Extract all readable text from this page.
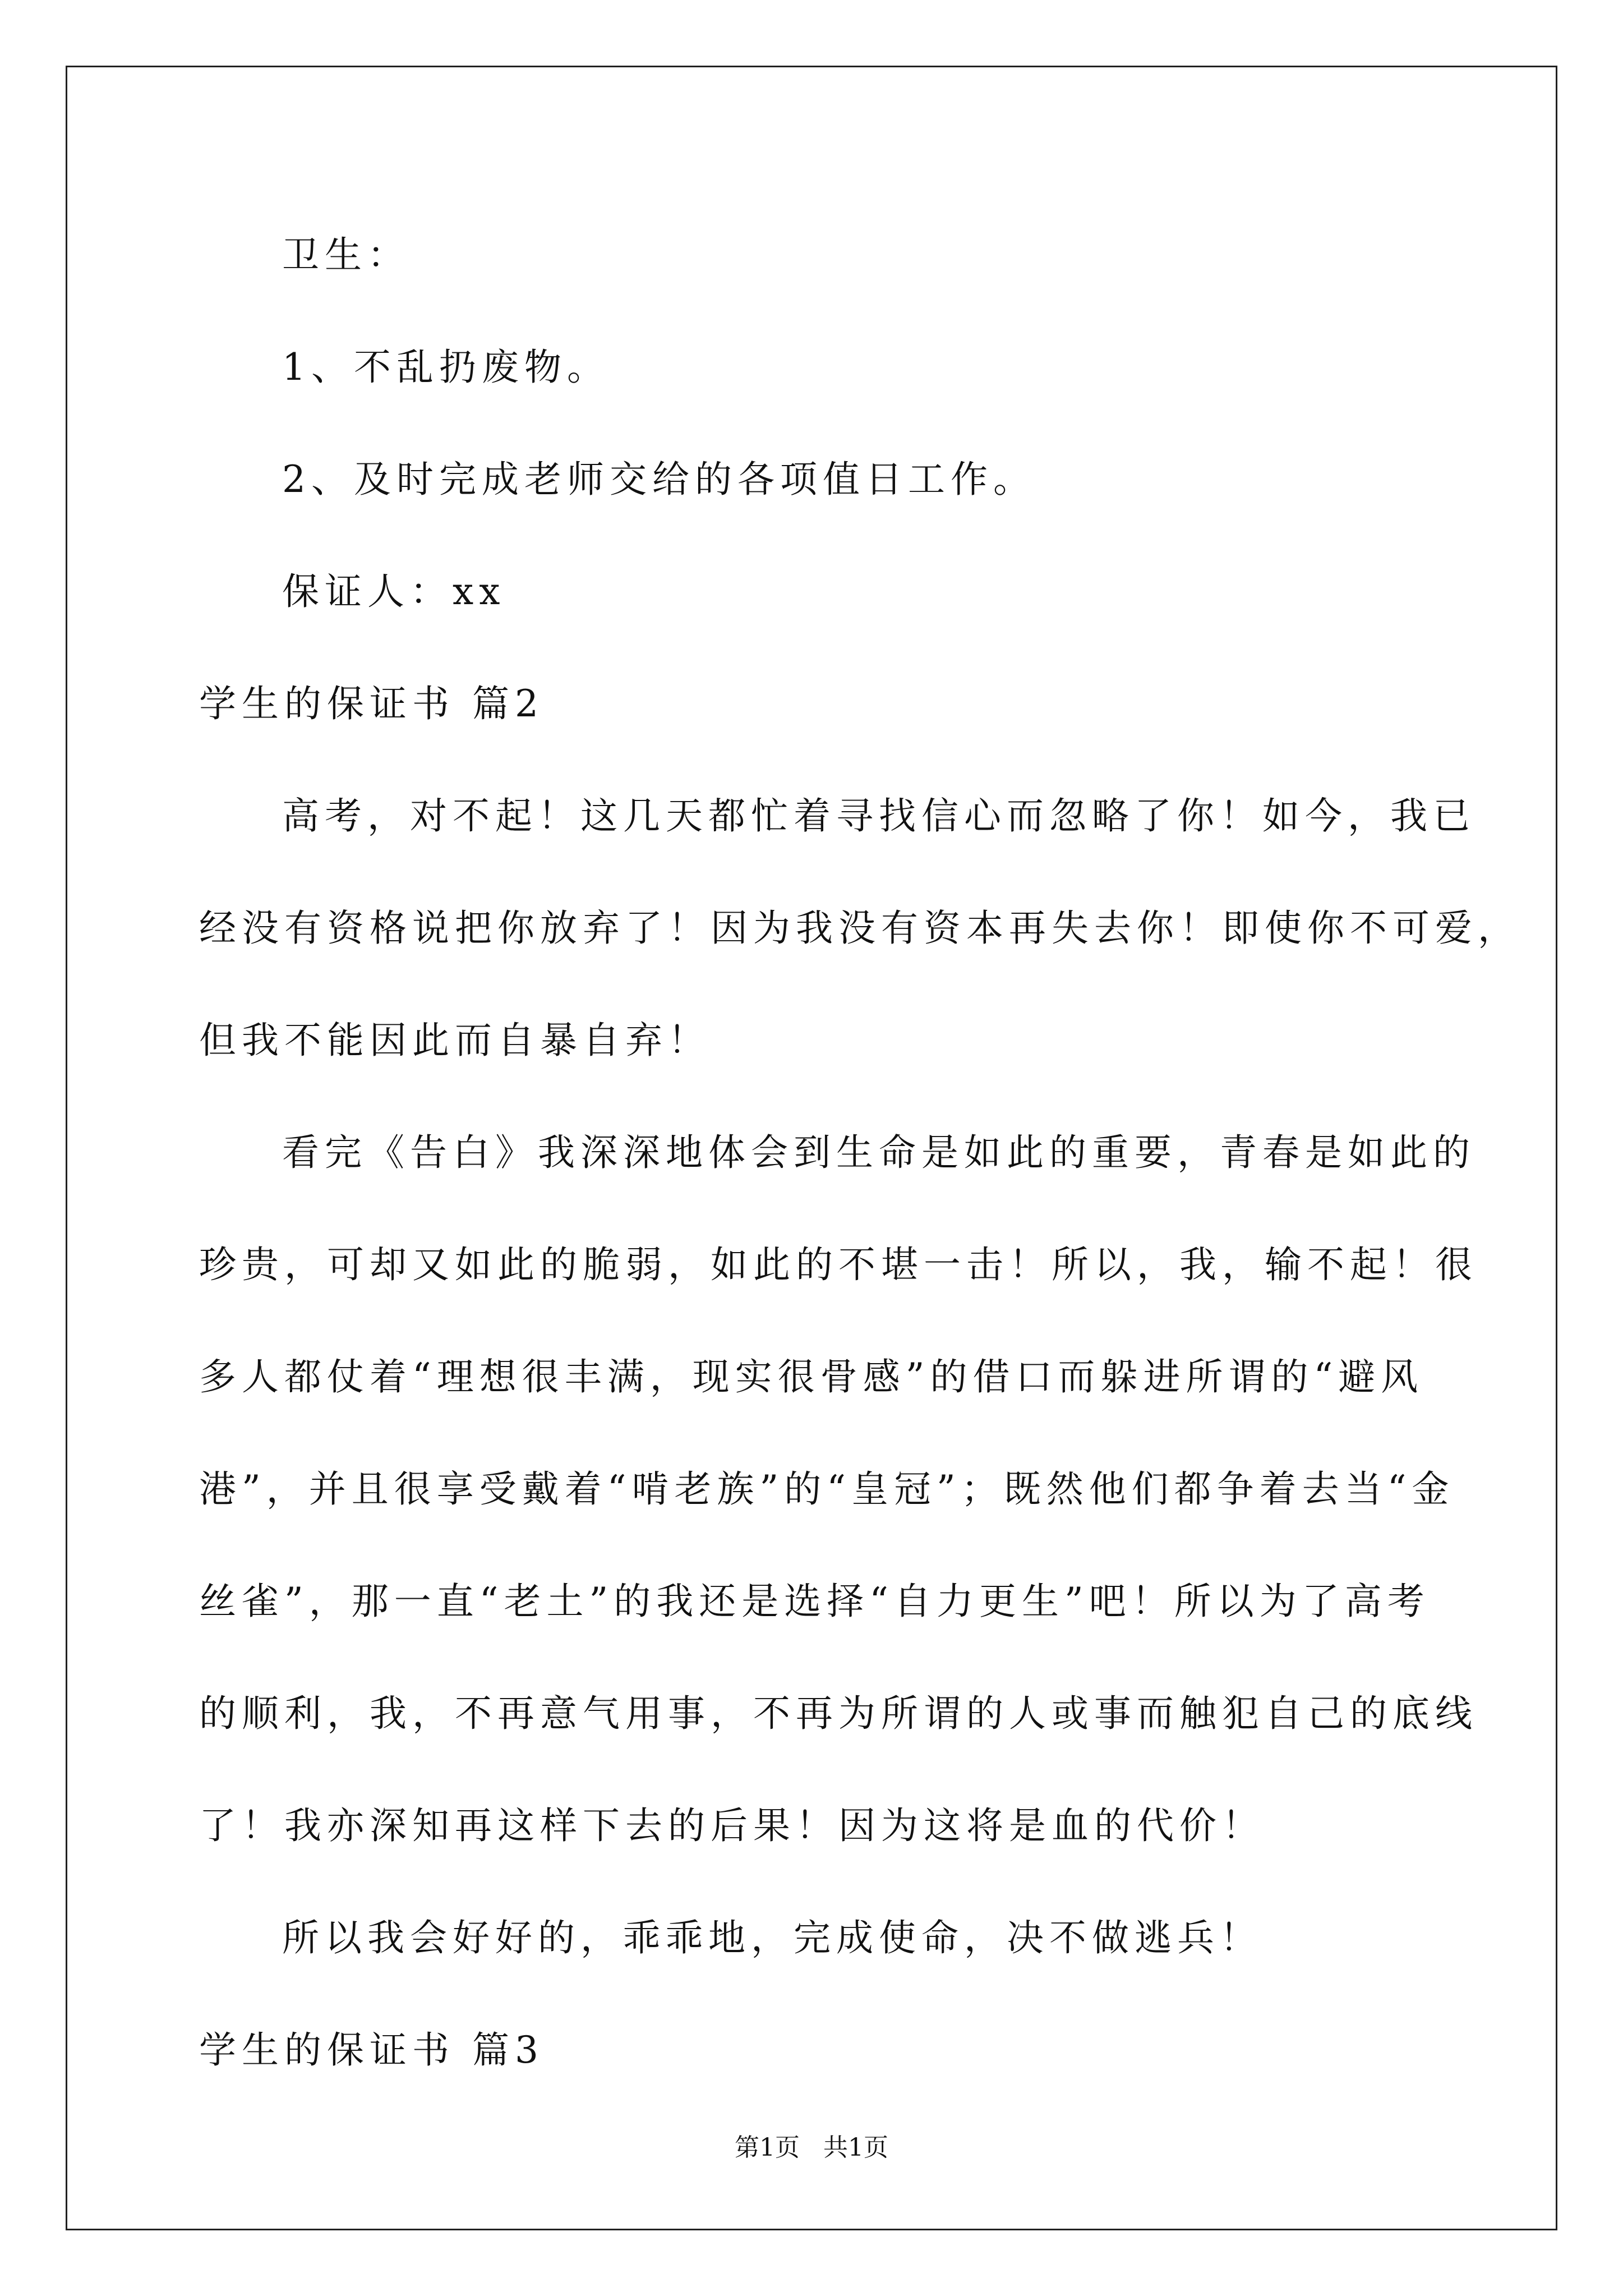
卫生：
1、不乱扔废物。
2、及时完成老师交给的各项值日工作。
保证人：xx
学生的保证书 篇2
高考，对不起！这几天都忙着寻找信心而忽略了你！如今，我已
经没有资格说把你放弃了！因为我没有资本再失去你！即使你不可爱，
但我不能因此而自暴自弃！
看完《告白》我深深地体会到生命是如此的重要，青春是如此的
珍贵，可却又如此的脆弱，如此的不堪一击！所以，我，输不起！很
多人都仗着“理想很丰满，现实很骨感”的借口而躲进所谓的“避风
港”，并且很享受戴着“啃老族”的“皇冠”；既然他们都争着去当“金
丝雀”，那一直“老土”的我还是选择“自力更生”吧！所以为了高考
的顺利，我，不再意气用事，不再为所谓的人或事而触犯自己的底线
了！我亦深知再这样下去的后果！因为这将是血的代价！
所以我会好好的，乖乖地，完成使命，决不做逃兵！
学生的保证书 篇3
第1页   共1页
